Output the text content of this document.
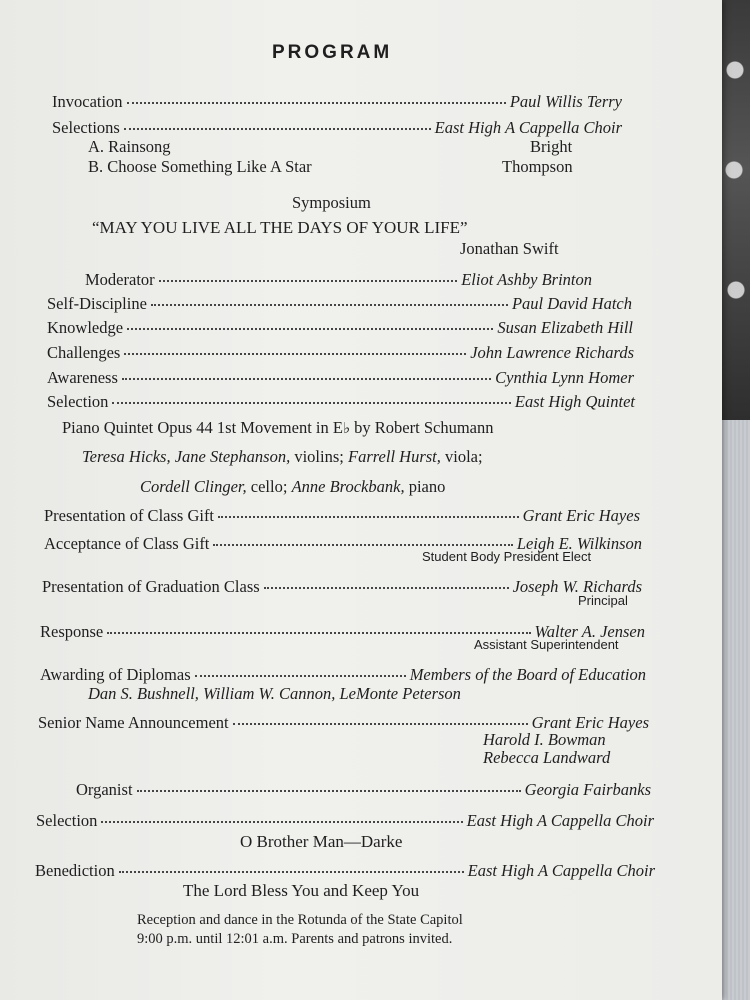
PROGRAM
Invocation	Paul Willis Terry
Selections	East High A Cappella Choir
A. Rainsong	Bright
B. Choose Something Like A Star	Thompson
Symposium
“MAY YOU LIVE ALL THE DAYS OF YOUR LIFE”
Jonathan Swift
Moderator	Eliot Ashby Brinton
Self-Discipline	Paul David Hatch
Knowledge	Susan Elizabeth Hill
Challenges	John Lawrence Richards
Awareness	Cynthia Lynn Homer
Selection	East High Quintet
Piano Quintet Opus 44 1st Movement in E♭ by Robert Schumann
Teresa Hicks, Jane Stephanson, violins; Farrell Hurst, viola;
Cordell Clinger, cello; Anne Brockbank, piano
Presentation of Class Gift	Grant Eric Hayes
Acceptance of Class Gift	Leigh E. Wilkinson
Student Body President Elect
Presentation of Graduation Class	Joseph W. Richards
Principal
Response	Walter A. Jensen
Assistant Superintendent
Awarding of Diplomas	Members of the Board of Education
Dan S. Bushnell, William W. Cannon, LeMonte Peterson
Senior Name Announcement	Grant Eric Hayes
Harold I. Bowman
Rebecca Landward
Organist	Georgia Fairbanks
Selection	East High A Cappella Choir
O Brother Man—Darke
Benediction	East High A Cappella Choir
The Lord Bless You and Keep You
Reception and dance in the Rotunda of the State Capitol
9:00 p.m. until 12:01 a.m. Parents and patrons invited.
